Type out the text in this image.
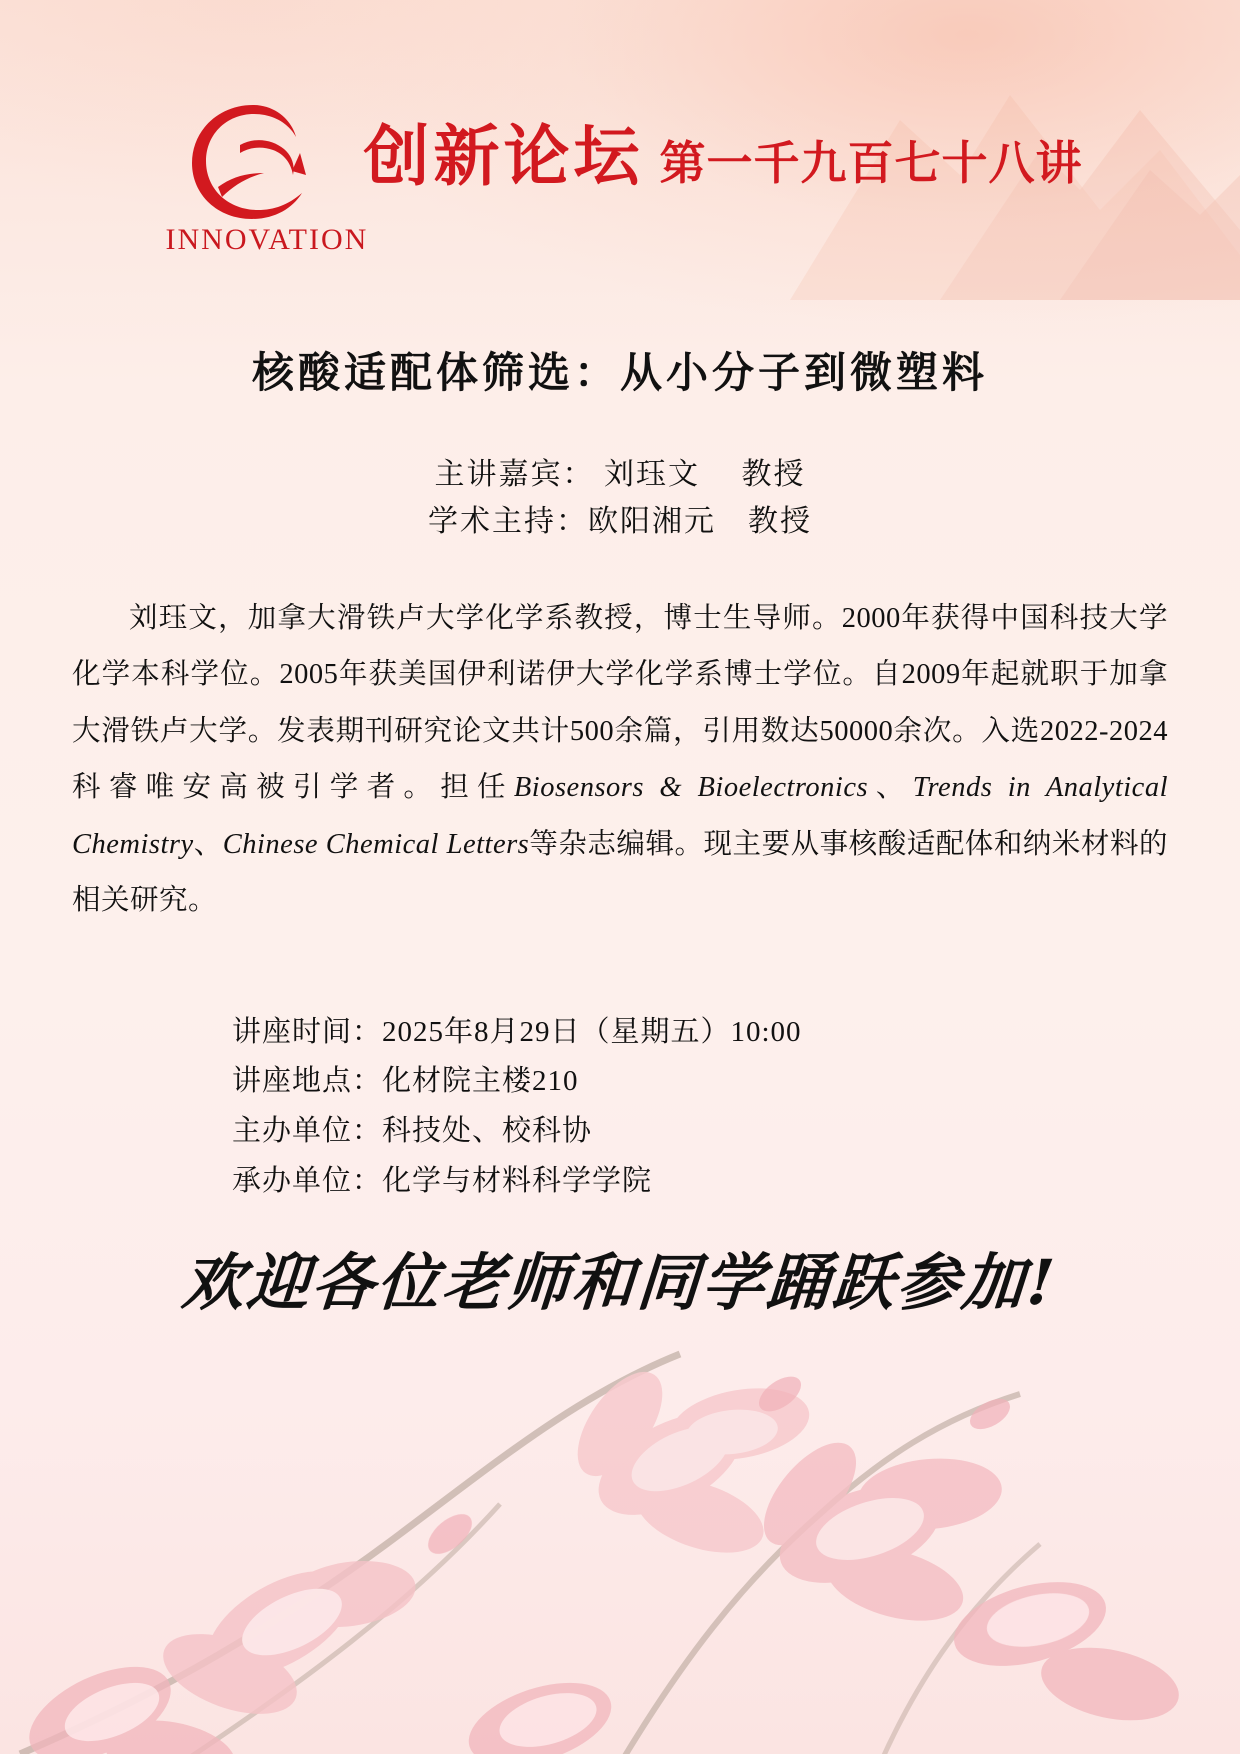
INNOVATION
创新论坛 第一千九百七十八讲
核酸适配体筛选：从小分子到微塑料
主讲嘉宾： 刘珏文　 教授
学术主持：欧阳湘元　教授
刘珏文，加拿大滑铁卢大学化学系教授，博士生导师。2000年获得中国科技大学化学本科学位。2005年获美国伊利诺伊大学化学系博士学位。自2009年起就职于加拿大滑铁卢大学。发表期刊研究论文共计500余篇，引用数达50000余次。入选2022-2024科睿唯安高被引学者。担任Biosensors & Bioelectronics、Trends in Analytical Chemistry、Chinese Chemical Letters等杂志编辑。现主要从事核酸适配体和纳米材料的相关研究。
讲座时间：2025年8月29日（星期五）10:00
讲座地点：化材院主楼210
主办单位：科技处、校科协
承办单位：化学与材料科学学院
欢迎各位老师和同学踊跃参加!
